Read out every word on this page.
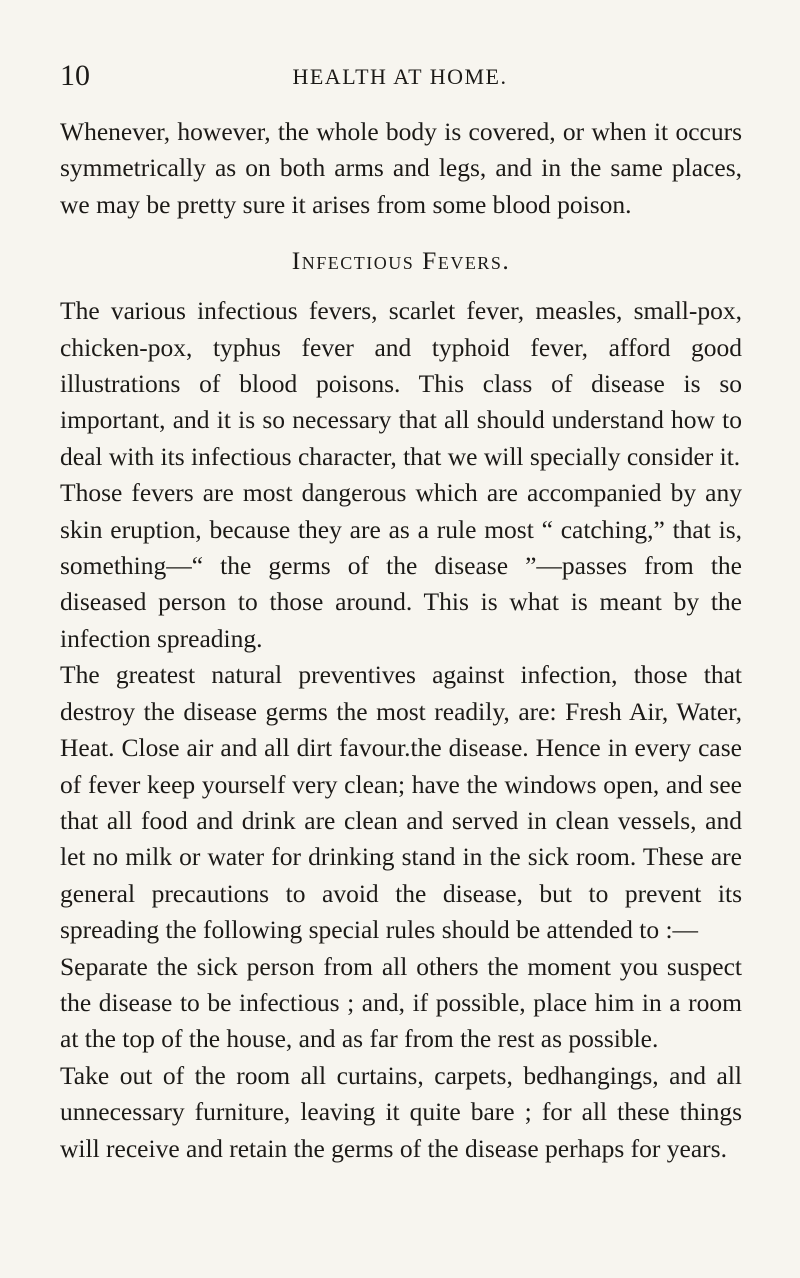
10	HEALTH AT HOME.

Whenever, however, the whole body is covered, or when it occurs symmetrically as on both arms and legs, and in the same places, we may be pretty sure it arises from some blood poison.

Infectious Fevers.

The various infectious fevers, scarlet fever, measles, small-pox, chicken-pox, typhus fever and typhoid fever, afford good illustrations of blood poisons. This class of disease is so important, and it is so necessary that all should understand how to deal with its infectious character, that we will specially consider it.

Those fevers are most dangerous which are accompanied by any skin eruption, because they are as a rule most “ catching,” that is, something—“ the germs of the disease ”—passes from the diseased person to those around. This is what is meant by the infection spreading.

The greatest natural preventives against infection, those that destroy the disease germs the most readily, are: Fresh Air, Water, Heat. Close air and all dirt favour.the disease. Hence in every case of fever keep yourself very clean; have the windows open, and see that all food and drink are clean and served in clean vessels, and let no milk or water for drinking stand in the sick room. These are general precautions to avoid the disease, but to prevent its spreading the following special rules should be attended to :—

Separate the sick person from all others the moment you suspect the disease to be infectious ; and, if possible, place him in a room at the top of the house, and as far from the rest as possible.

Take out of the room all curtains, carpets, bedhangings, and all unnecessary furniture, leaving it quite bare ; for all these things will receive and retain the germs of the disease perhaps for years.
